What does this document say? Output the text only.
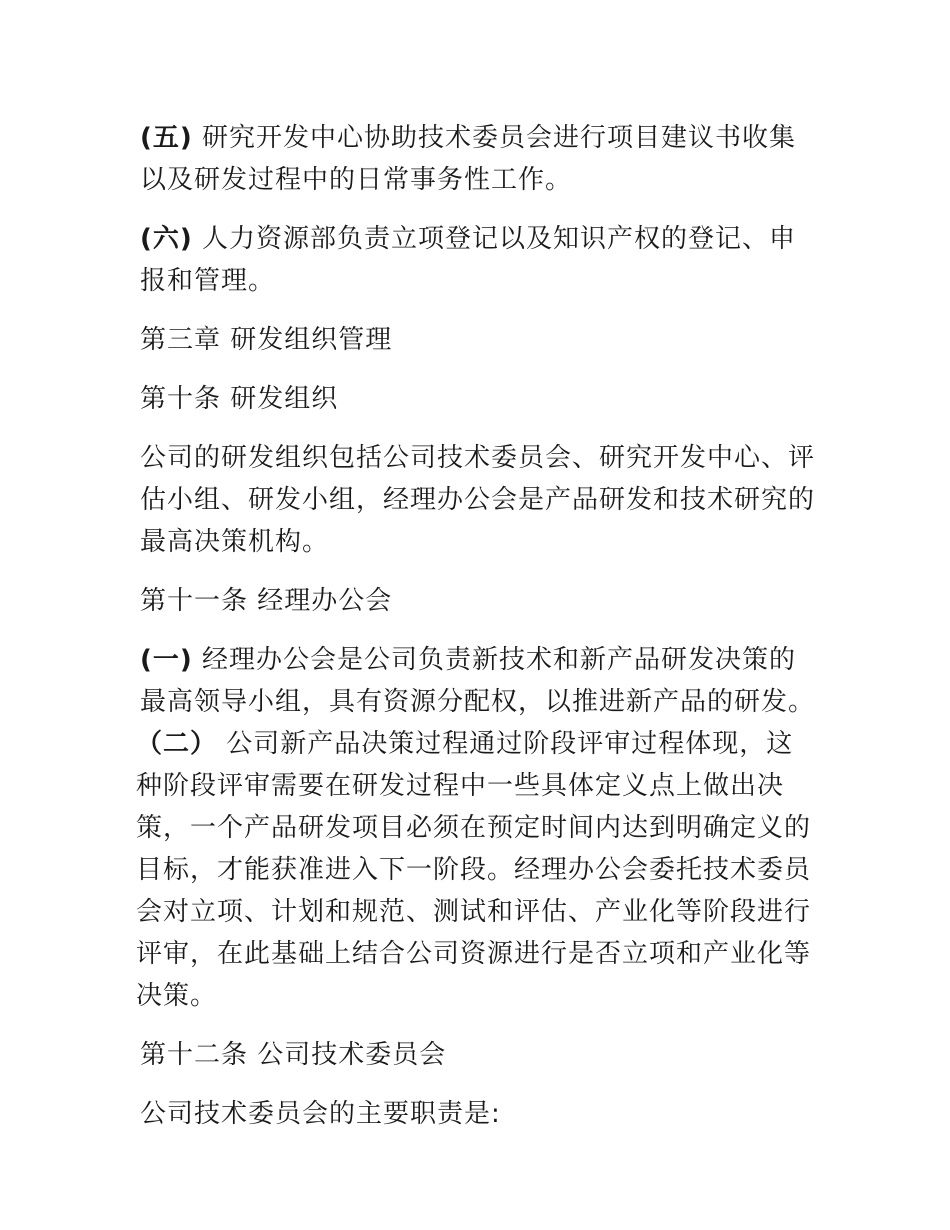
(五) 研究开发中心协助技术委员会进行项目建议书收集以及研发过程中的日常事务性工作。

(六) 人力资源部负责立项登记以及知识产权的登记、申报和管理。

第三章 研发组织管理

第十条 研发组织

公司的研发组织包括公司技术委员会、研究开发中心、评估小组、研发小组，经理办公会是产品研发和技术研究的最高决策机构。

第十一条 经理办公会

(一) 经理办公会是公司负责新技术和新产品研发决策的最高领导小组，具有资源分配权，以推进新产品的研发。

（二） 公司新产品决策过程通过阶段评审过程体现，这种阶段评审需要在研发过程中一些具体定义点上做出决策，一个产品研发项目必须在预定时间内达到明确定义的目标，才能获准进入下一阶段。经理办公会委托技术委员会对立项、计划和规范、测试和评估、产业化等阶段进行评审，在此基础上结合公司资源进行是否立项和产业化等决策。

第十二条 公司技术委员会

公司技术委员会的主要职责是:
